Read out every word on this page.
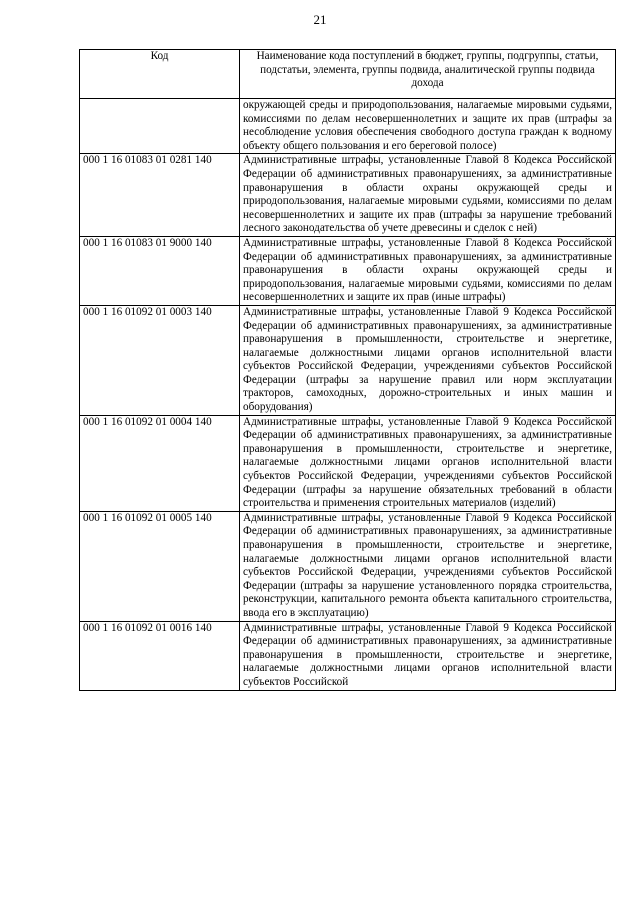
21
Код	Наименование кода поступлений в бюджет, группы, подгруппы, статьи, подстатьи, элемента, группы подвида, аналитической группы подвида дохода
	окружающей среды и природопользования, налагаемые мировыми судьями, комиссиями по делам несовершеннолетних и защите их прав (штрафы за несоблюдение условия обеспечения свободного доступа граждан к водному объекту общего пользования и его береговой полосе)
000 1 16 01083 01 0281 140	Административные штрафы, установленные Главой 8 Кодекса Российской Федерации об административных правонарушениях, за административные правонарушения в области охраны окружающей среды и природопользования, налагаемые мировыми судьями, комиссиями по делам несовершеннолетних и защите их прав (штрафы за нарушение требований лесного законодательства об учете древесины и сделок с ней)
000 1 16 01083 01 9000 140	Административные штрафы, установленные Главой 8 Кодекса Российской Федерации об административных правонарушениях, за административные правонарушения в области охраны окружающей среды и природопользования, налагаемые мировыми судьями, комиссиями по делам несовершеннолетних и защите их прав (иные штрафы)
000 1 16 01092 01 0003 140	Административные штрафы, установленные Главой 9 Кодекса Российской Федерации об административных правонарушениях, за административные правонарушения в промышленности, строительстве и энергетике, налагаемые должностными лицами органов исполнительной власти субъектов Российской Федерации, учреждениями субъектов Российской Федерации (штрафы за нарушение правил или норм эксплуатации тракторов, самоходных, дорожно-строительных и иных машин и оборудования)
000 1 16 01092 01 0004 140	Административные штрафы, установленные Главой 9 Кодекса Российской Федерации об административных правонарушениях, за административные правонарушения в промышленности, строительстве и энергетике, налагаемые должностными лицами органов исполнительной власти субъектов Российской Федерации, учреждениями субъектов Российской Федерации (штрафы за нарушение обязательных требований в области строительства и применения строительных материалов (изделий)
000 1 16 01092 01 0005 140	Административные штрафы, установленные Главой 9 Кодекса Российской Федерации об административных правонарушениях, за административные правонарушения в промышленности, строительстве и энергетике, налагаемые должностными лицами органов исполнительной власти субъектов Российской Федерации, учреждениями субъектов Российской Федерации (штрафы за нарушение установленного порядка строительства, реконструкции, капитального ремонта объекта капитального строительства, ввода его в эксплуатацию)
000 1 16 01092 01 0016 140	Административные штрафы, установленные Главой 9 Кодекса Российской Федерации об административных правонарушениях, за административные правонарушения в промышленности, строительстве и энергетике, налагаемые должностными лицами органов исполнительной власти субъектов Российской
